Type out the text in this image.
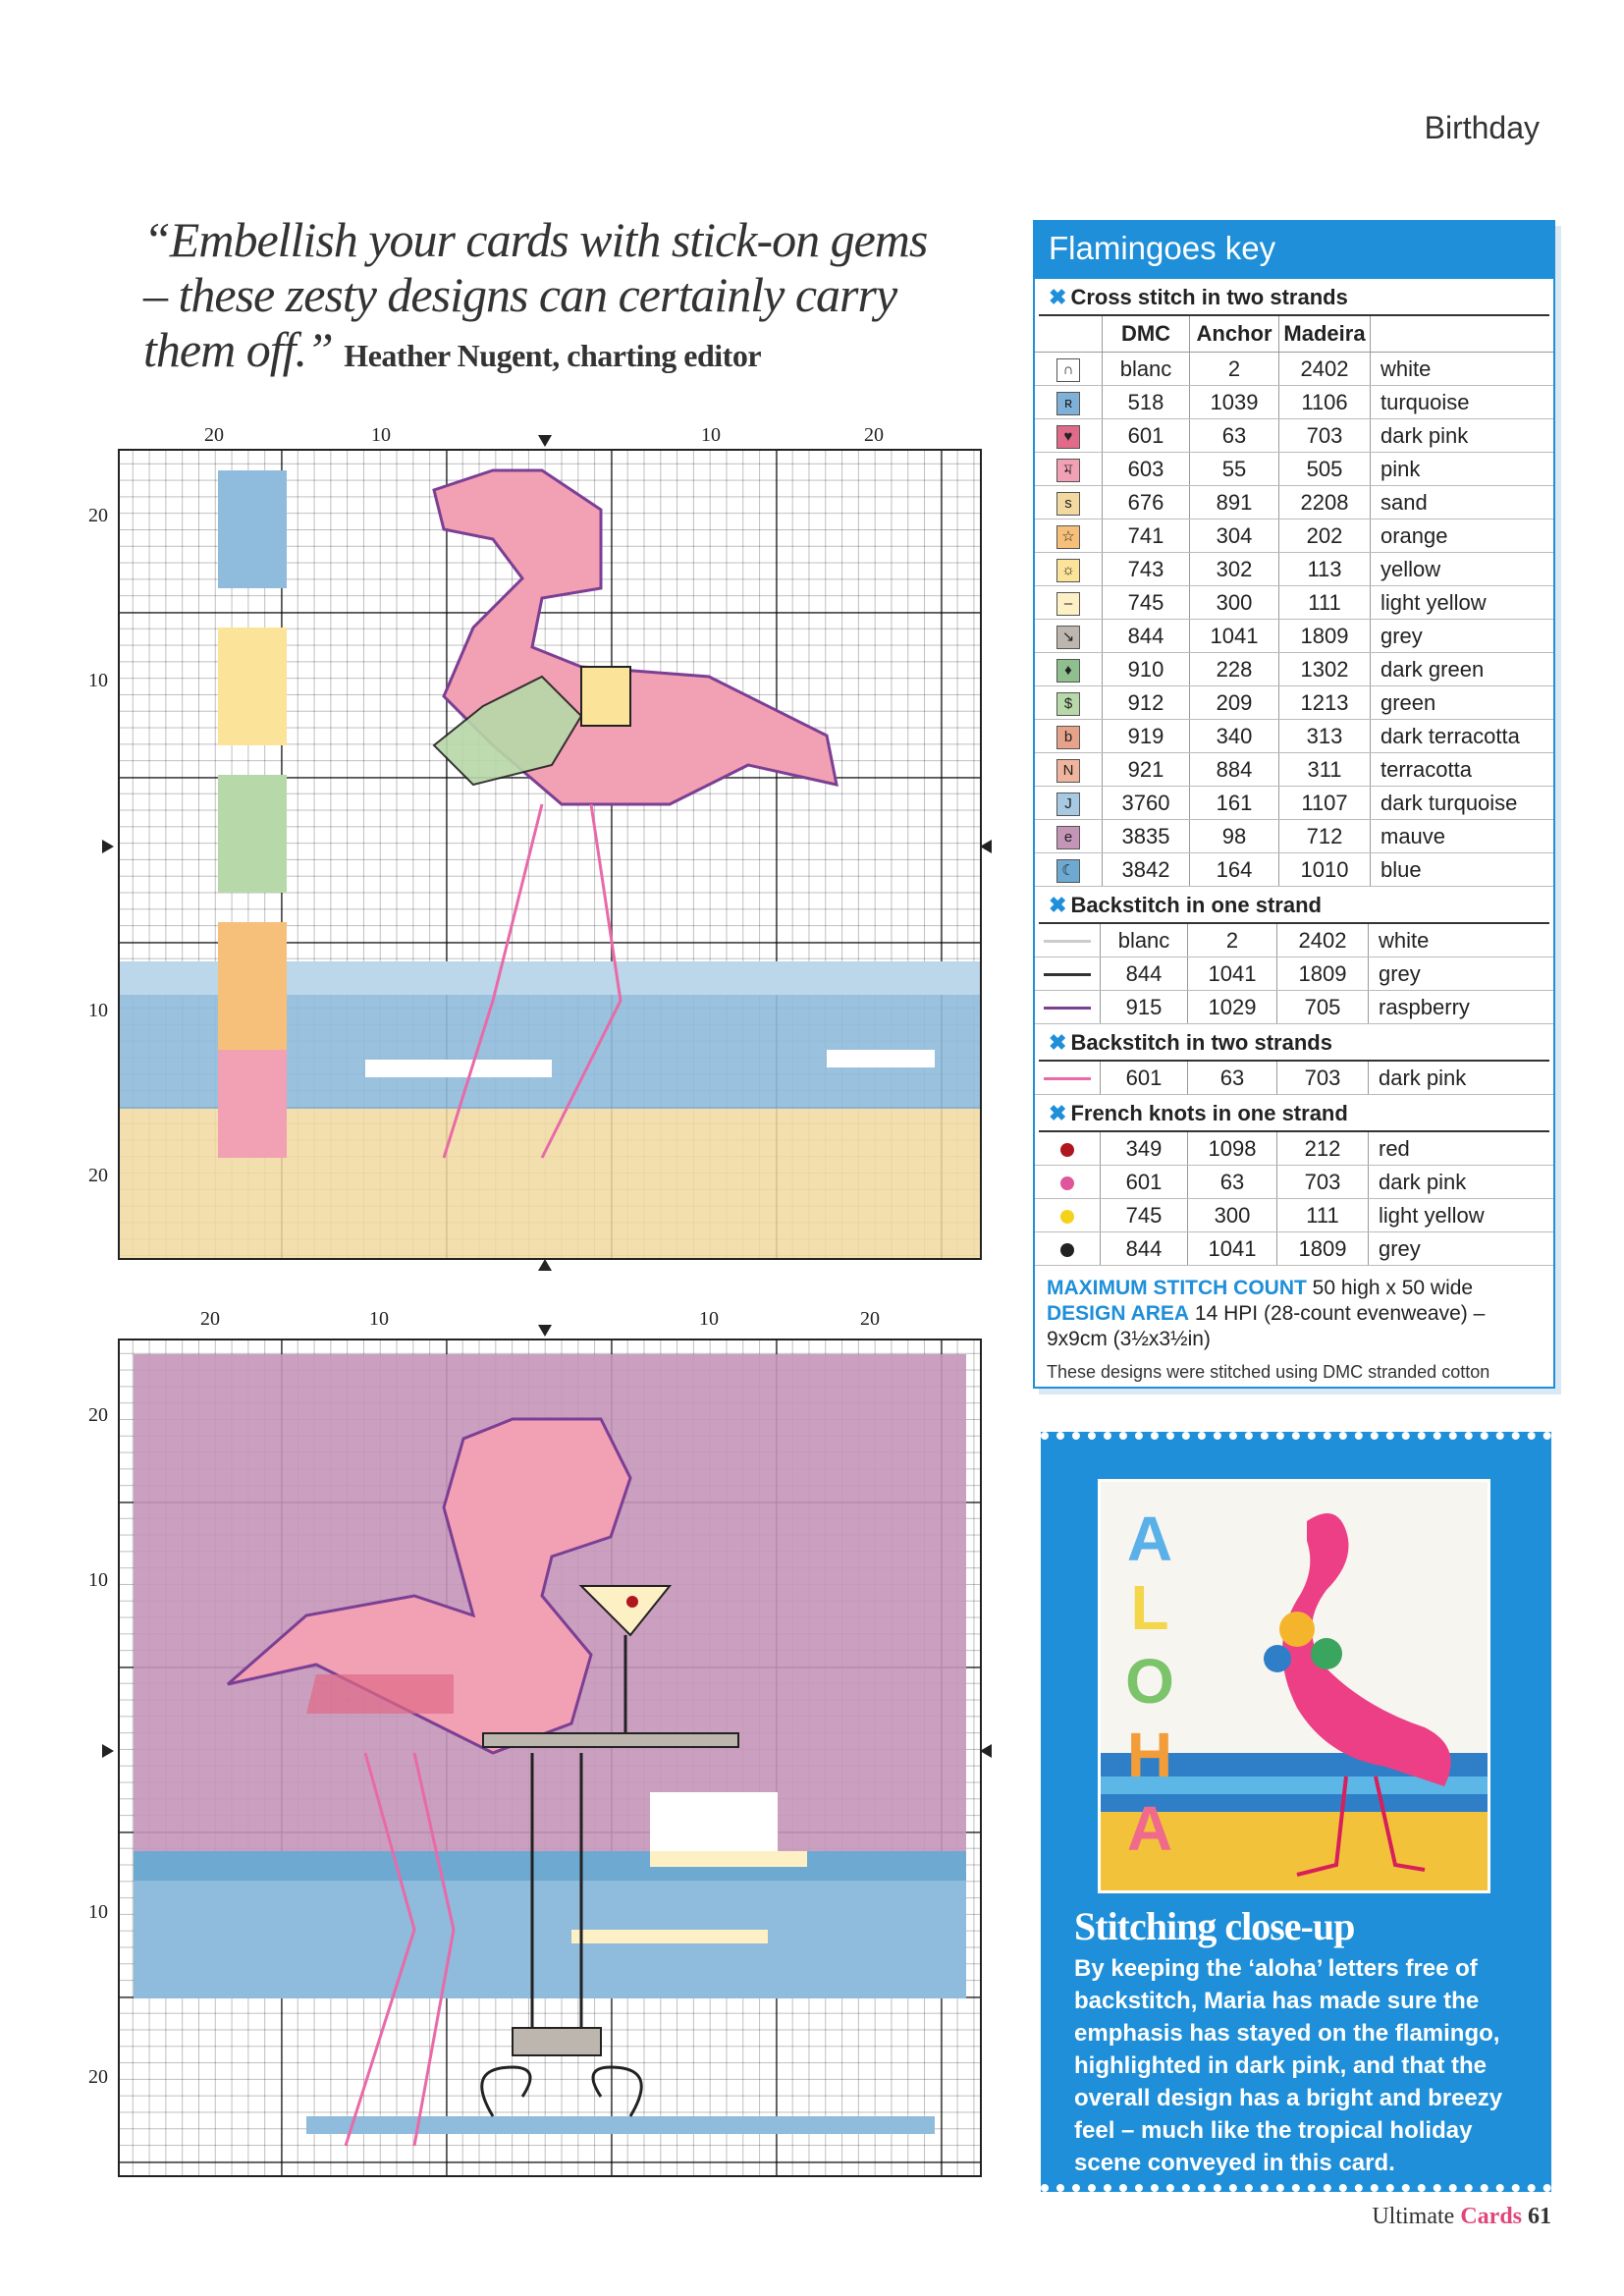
Birthday
“Embellish your cards with stick-on gems – these zesty designs can certainly carry them off.” Heather Nugent, charting editor
20	10	10	20
20
10
10
20
20	10	10	20
20
10
10
20
Flamingoes key
✖ Cross stitch in two strands
	DMC	Anchor	Madeira	
∩	blanc	2	2402	white
ʀ	518	1039	1106	turquoise
♥	601	63	703	dark pink
ম	603	55	505	pink
s	676	891	2208	sand
☆	741	304	202	orange
☼	743	302	113	yellow
–	745	300	111	light yellow
↘	844	1041	1809	grey
♦	910	228	1302	dark green
$	912	209	1213	green
b	919	340	313	dark terracotta
N	921	884	311	terracotta
J	3760	161	1107	dark turquoise
e	3835	98	712	mauve
☾	3842	164	1010	blue
✖ Backstitch in one strand
	blanc	2	2402	white
	844	1041	1809	grey
	915	1029	705	raspberry
✖ Backstitch in two strands
	601	63	703	dark pink
✖ French knots in one strand
	349	1098	212	red
	601	63	703	dark pink
	745	300	111	light yellow
	844	1041	1809	grey
MAXIMUM STITCH COUNT 50 high x 50 wide
DESIGN AREA 14 HPI (28-count evenweave) – 9x9cm (3½x3½in)
These designs were stitched using DMC stranded cotton
A
L
O
H
A
Stitching close-up

By keeping the ‘aloha’ letters free of backstitch, Maria has made sure the emphasis has stayed on the flamingo, highlighted in dark pink, and that the overall design has a bright and breezy feel – much like the tropical holiday scene conveyed in this card.

Ultimate Cards 61
